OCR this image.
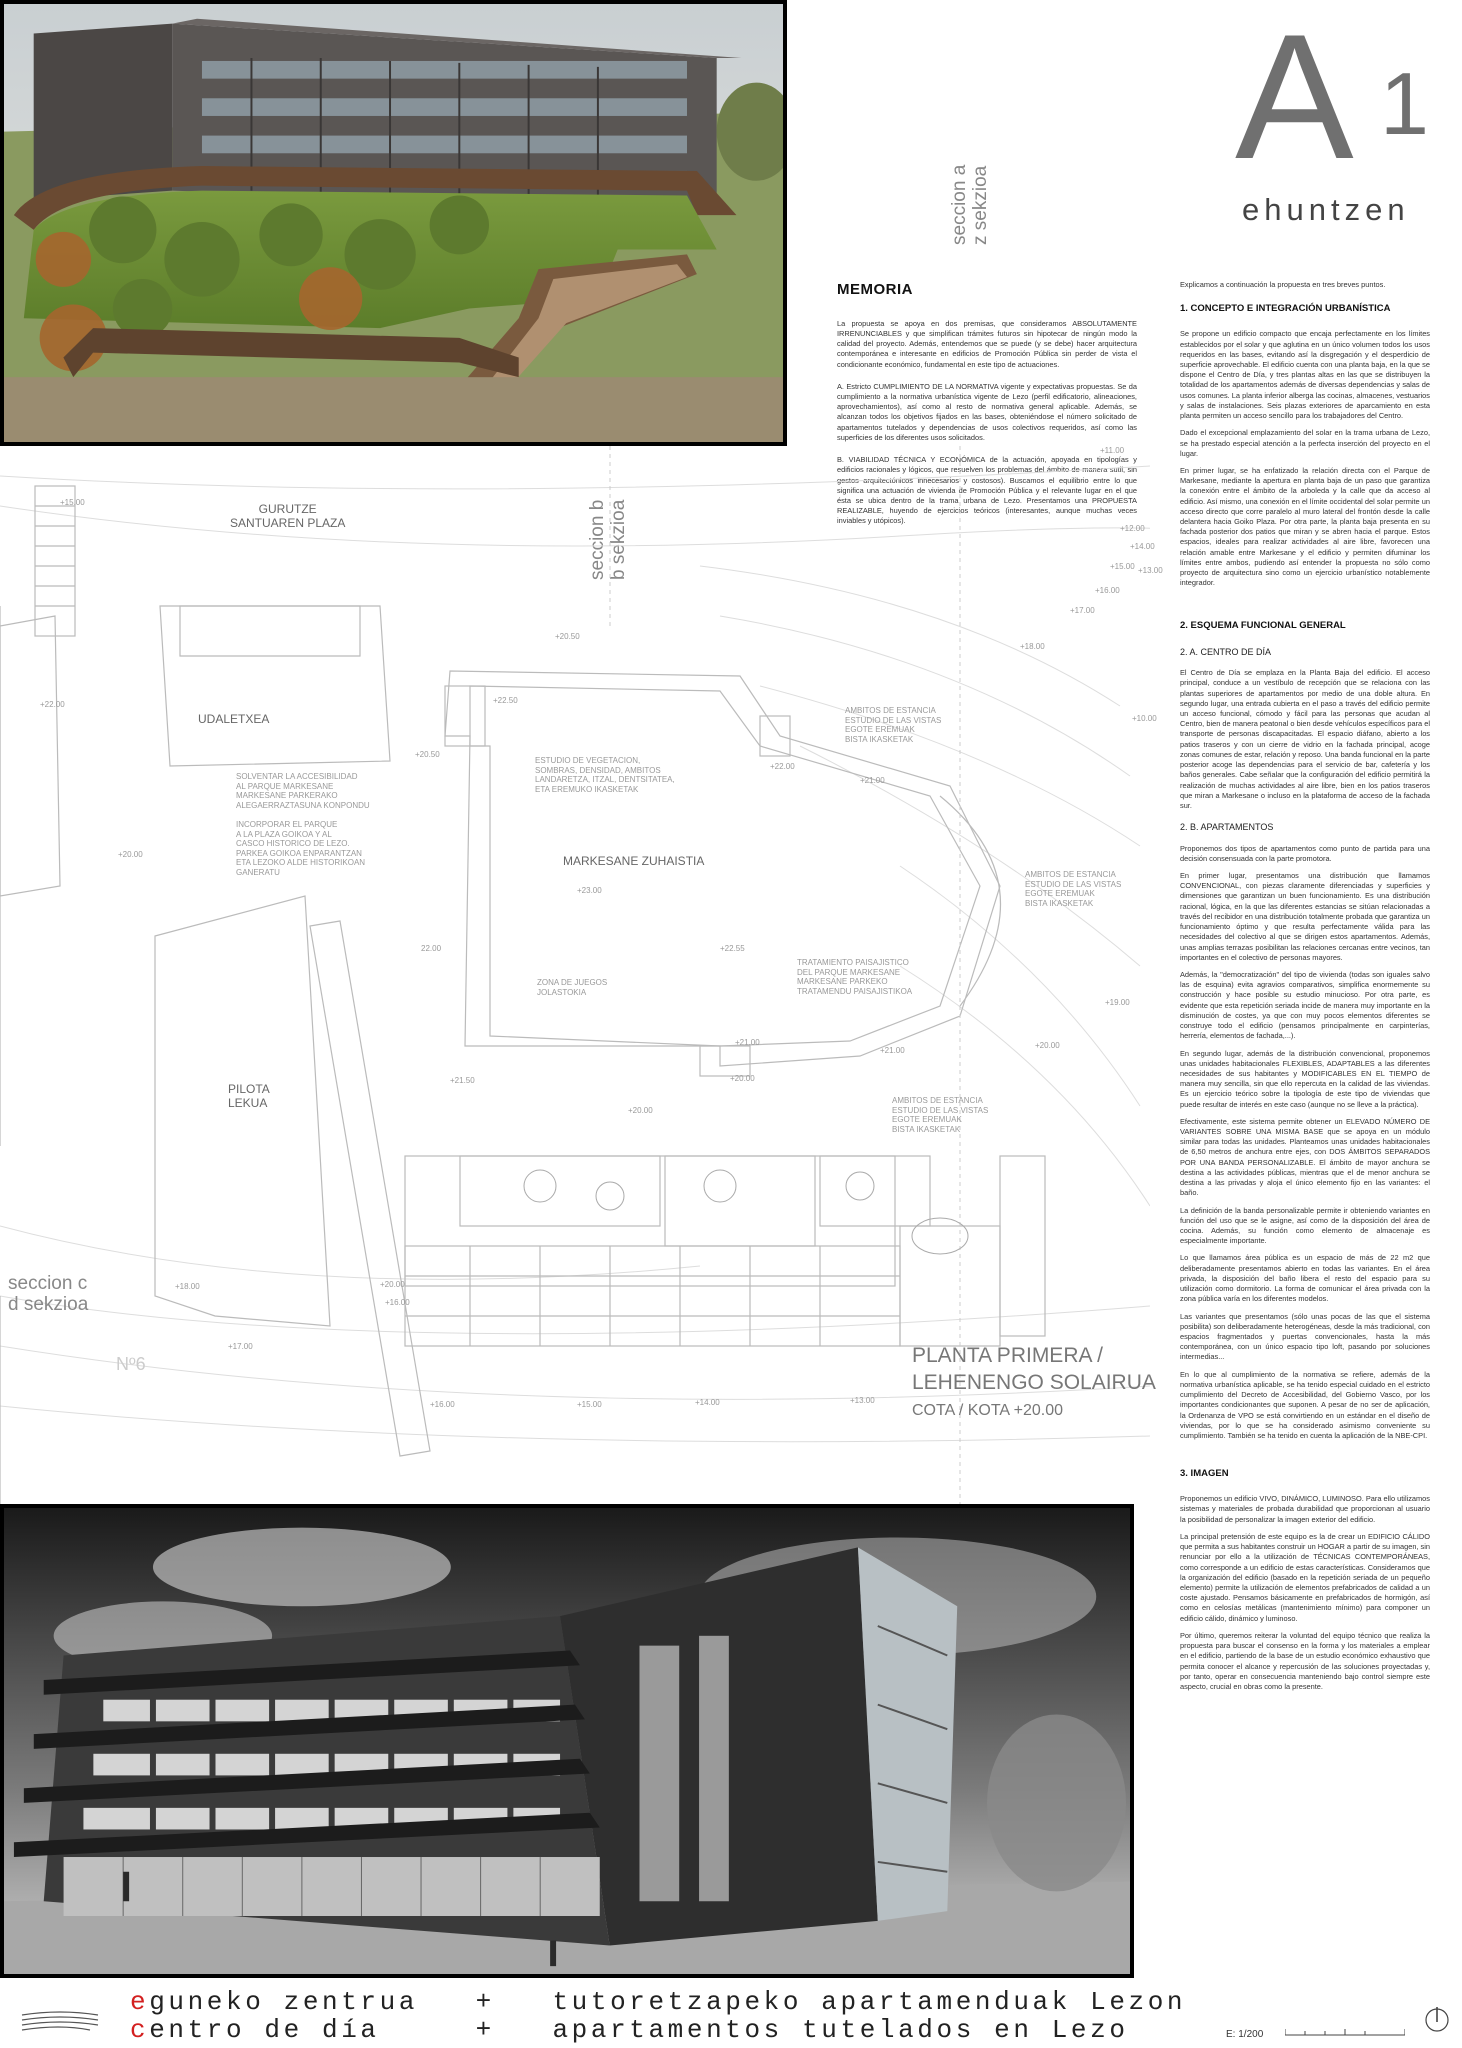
A 1
ehuntzen
seccion a
z sekzioa
seccion b
b sekzioa
MEMORIA

La propuesta se apoya en dos premisas, que consideramos ABSOLUTAMENTE IRRENUNCIABLES y que simplifican trámites futuros sin hipotecar de ningún modo la calidad del proyecto. Además, entendemos que se puede (y se debe) hacer arquitectura contemporánea e interesante en edificios de Promoción Pública sin perder de vista el condicionante económico, fundamental en este tipo de actuaciones.

A. Estricto CUMPLIMIENTO DE LA NORMATIVA vigente y expectativas propuestas. Se da cumplimiento a la normativa urbanística vigente de Lezo (perfil edificatorio, alineaciones, aprovechamientos), así como al resto de normativa general aplicable. Además, se alcanzan todos los objetivos fijados en las bases, obteniéndose el número solicitado de apartamentos tutelados y dependencias de usos colectivos requeridos, así como las superficies de los diferentes usos solicitados.

B. VIABILIDAD TÉCNICA Y ECONÓMICA de la actuación, apoyada en tipologías y edificios racionales y lógicos, que resuelven los problemas del ámbito de manera sutil, sin gestos arquitectónicos innecesarios y costosos). Buscamos el equilibrio entre lo que significa una actuación de vivienda de Promoción Pública y el relevante lugar en el que ésta se ubica dentro de la trama urbana de Lezo. Presentamos una PROPUESTA REALIZABLE, huyendo de ejercicios teóricos (interesantes, aunque muchas veces inviables y utópicos).

Explicamos a continuación la propuesta en tres breves puntos.

1. CONCEPTO E INTEGRACIÓN URBANÍSTICA

Se propone un edificio compacto que encaja perfectamente en los límites establecidos por el solar y que aglutina en un único volumen todos los usos requeridos en las bases, evitando así la disgregación y el desperdicio de superficie aprovechable. El edificio cuenta con una planta baja, en la que se dispone el Centro de Día, y tres plantas altas en las que se distribuyen la totalidad de los apartamentos además de diversas dependencias y salas de usos comunes. La planta inferior alberga las cocinas, almacenes, vestuarios y salas de instalaciones. Seis plazas exteriores de aparcamiento en esta planta permiten un acceso sencillo para los trabajadores del Centro.

Dado el excepcional emplazamiento del solar en la trama urbana de Lezo, se ha prestado especial atención a la perfecta inserción del proyecto en el lugar.

En primer lugar, se ha enfatizado la relación directa con el Parque de Markesane, mediante la apertura en planta baja de un paso que garantiza la conexión entre el ámbito de la arboleda y la calle que da acceso al edificio. Así mismo, una conexión en el límite occidental del solar permite un acceso directo que corre paralelo al muro lateral del frontón desde la calle delantera hacia Goiko Plaza. Por otra parte, la planta baja presenta en su fachada posterior dos patios que miran y se abren hacia el parque. Estos espacios, ideales para realizar actividades al aire libre, favorecen una relación amable entre Markesane y el edificio y permiten difuminar los límites entre ambos, pudiendo así entender la propuesta no sólo como proyecto de arquitectura sino como un ejercicio urbanístico notablemente integrador.

2. ESQUEMA FUNCIONAL GENERAL
2. A. CENTRO DE DÍA

El Centro de Día se emplaza en la Planta Baja del edificio. El acceso principal, conduce a un vestíbulo de recepción que se relaciona con las plantas superiores de apartamentos por medio de una doble altura. En segundo lugar, una entrada cubierta en el paso a través del edificio permite un acceso funcional, cómodo y fácil para las personas que acudan al Centro, bien de manera peatonal o bien desde vehículos específicos para el transporte de personas discapacitadas. El espacio diáfano, abierto a los patios traseros y con un cierre de vidrio en la fachada principal, acoge zonas comunes de estar, relación y reposo. Una banda funcional en la parte posterior acoge las dependencias para el servicio de bar, cafetería y los baños generales. Cabe señalar que la configuración del edificio permitirá la realización de muchas actividades al aire libre, bien en los patios traseros que miran a Markesane o incluso en la plataforma de acceso de la fachada sur.

2. B. APARTAMENTOS

Proponemos dos tipos de apartamentos como punto de partida para una decisión consensuada con la parte promotora.

En primer lugar, presentamos una distribución que llamamos CONVENCIONAL, con piezas claramente diferenciadas y superficies y dimensiones que garantizan un buen funcionamiento. Es una distribución racional, lógica, en la que las diferentes estancias se sitúan relacionadas a través del recibidor en una distribución totalmente probada que garantiza un funcionamiento óptimo y que resulta perfectamente válida para las necesidades del colectivo al que se dirigen estos apartamentos. Además, unas amplias terrazas posibilitan las relaciones cercanas entre vecinos, tan importantes en el colectivo de personas mayores.

Además, la "democratización" del tipo de vivienda (todas son iguales salvo las de esquina) evita agravios comparativos, simplifica enormemente su construcción y hace posible su estudio minucioso. Por otra parte, es evidente que esta repetición seriada incide de manera muy importante en la disminución de costes, ya que con muy pocos elementos diferentes se construye todo el edificio (pensamos principalmente en carpinterías, herrería, elementos de fachada,...).

En segundo lugar, además de la distribución convencional, proponemos unas unidades habitacionales FLEXIBLES, ADAPTABLES a las diferentes necesidades de sus habitantes y MODIFICABLES EN EL TIEMPO de manera muy sencilla, sin que ello repercuta en la calidad de las viviendas. Es un ejercicio teórico sobre la tipología de este tipo de viviendas que puede resultar de interés en este caso (aunque no se lleve a la práctica).

Efectivamente, este sistema permite obtener un ELEVADO NÚMERO DE VARIANTES SOBRE UNA MISMA BASE que se apoya en un módulo similar para todas las unidades. Planteamos unas unidades habitacionales de 6,50 metros de anchura entre ejes, con DOS ÁMBITOS SEPARADOS POR UNA BANDA PERSONALIZABLE. El ámbito de mayor anchura se destina a las actividades públicas, mientras que el de menor anchura se destina a las privadas y aloja el único elemento fijo en las variantes: el baño.

La definición de la banda personalizable permite ir obteniendo variantes en función del uso que se le asigne, así como de la disposición del área de cocina. Además, su función como elemento de almacenaje es especialmente importante.

Lo que llamamos área pública es un espacio de más de 22 m2 que deliberadamente presentamos abierto en todas las variantes. En el área privada, la disposición del baño libera el resto del espacio para su utilización como dormitorio. La forma de comunicar el área privada con la zona pública varía en los diferentes modelos.

Las variantes que presentamos (sólo unas pocas de las que el sistema posibilita) son deliberadamente heterogéneas, desde la más tradicional, con espacios fragmentados y puertas convencionales, hasta la más contemporánea, con un único espacio tipo loft, pasando por soluciones intermedias...

En lo que al cumplimiento de la normativa se refiere, además de la normativa urbanística aplicable, se ha tenido especial cuidado en el estricto cumplimiento del Decreto de Accesibilidad, del Gobierno Vasco, por los importantes condicionantes que suponen. A pesar de no ser de aplicación, la Ordenanza de VPO se está convirtiendo en un estándar en el diseño de viviendas, por lo que se ha considerado asimismo conveniente su cumplimiento. También se ha tenido en cuenta la aplicación de la NBE-CPI.

3. IMAGEN

Proponemos un edificio VIVO, DINÁMICO, LUMINOSO. Para ello utilizamos sistemas y materiales de probada durabilidad que proporcionan al usuario la posibilidad de personalizar la imagen exterior del edificio.

La principal pretensión de este equipo es la de crear un EDIFICIO CÁLIDO que permita a sus habitantes construir un HOGAR a partir de su imagen, sin renunciar por ello a la utilización de TÉCNICAS CONTEMPORÁNEAS, como corresponde a un edificio de estas características. Consideramos que la organización del edificio (basado en la repetición seriada de un pequeño elemento) permite la utilización de elementos prefabricados de calidad a un coste ajustado. Pensamos básicamente en prefabricados de hormigón, así como en celosías metálicas (mantenimiento mínimo) para componer un edificio cálido, dinámico y luminoso.

Por último, queremos reiterar la voluntad del equipo técnico que realiza la propuesta para buscar el consenso en la forma y los materiales a emplear en el edificio, partiendo de la base de un estudio económico exhaustivo que permita conocer el alcance y repercusión de las soluciones proyectadas y, por tanto, operar en consecuencia manteniendo bajo control siempre este aspecto, crucial en obras como la presente.

GURUTZE
SANTUAREN PLAZA
UDALETXEA
PILOTA
LEKUA
MARKESANE ZUHAISTIA
SOLVENTAR LA ACCESIBILIDAD
AL PARQUE MARKESANE
MARKESANE PARKERAKO
ALEGAERRAZTASUNA KONPONDU
INCORPORAR EL PARQUE
A LA PLAZA GOIKOA Y AL
CASCO HISTORICO DE LEZO.
PARKEA GOIKOA ENPARANTZAN
ETA LEZOKO ALDE HISTORIKOAN
GANERATU
ESTUDIO DE VEGETACION,
SOMBRAS, DENSIDAD, AMBITOS
LANDARETZA, ITZAL, DENTSITATEA,
ETA EREMUKO IKASKETAK
ZONA DE JUEGOS
JOLASTOKIA
TRATAMIENTO PAISAJISTICO
DEL PARQUE MARKESANE
MARKESANE PARKEKO
TRATAMENDU PAISAJISTIKOA
AMBITOS DE ESTANCIA
ESTUDIO DE LAS VISTAS
EGOTE EREMUAK
BISTA IKASKETAK
AMBITOS DE ESTANCIA
ESTUDIO DE LAS VISTAS
EGOTE EREMUAK
BISTA IKASKETAK
AMBITOS DE ESTANCIA
ESTUDIO DE LAS VISTAS
EGOTE EREMUAK
BISTA IKASKETAK
Nº6
+15.00
+22.00
+20.50
+22.50
+22.00
+21.00
+20.50
+20.00
+23.00
22.00	+22.55
+21.00
+20.00
+21.50
+21.00
+20.00
+20.00
+19.00
+18.00
+17.00
+16.00
+15.00
+14.00
+13.00
+12.00
+11.00
+10.00
+18.00	+20.00
+16.00
+17.00
+16.00	+15.00	+14.00	+13.00
seccion c
d sekzioa
PLANTA PRIMERA /
LEHENENGO SOLAIRUA
COTA / KOTA +20.00
eguneko zentrua   +   tutoretzapeko apartamenduak Lezon
centro de día     +   apartamentos tutelados en Lezo	E: 1/200
